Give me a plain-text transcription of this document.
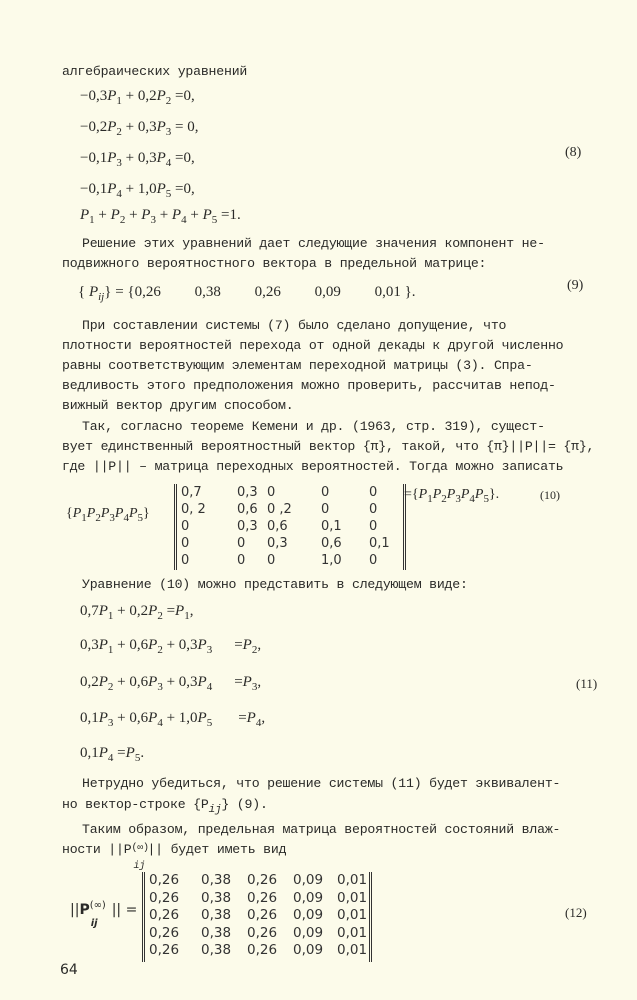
алгебраических уравнений
$-0,3P_1 + 0,2P_2 =0$,
$-0,2P_2 + 0,3P_3 = 0$,
$-0,1P_3 + 0,3P_4 =0$,
$-0,1P_4 + 1,0P_5 =0$,
$P_1 + P_2 + P_3 + P_4 + P_5 =1$.
(8)
Решение этих уравнений дает следующие значения компонент не-
подвижного вероятностного вектора в предельной матрице:
{ $P_{ij}\} = \{0,26$ 0,38 0,26 0,09 0,01 }.	(9)
При составлении системы (7) было сделано допущение, что
плотности вероятностей перехода от одной декады к другой численно
равны соответствующим элементам переходной матрицы (3). Спра-
ведливость этого предположения можно проверить, рассчитав непод-
вижный вектор другим способом.
Так, согласно теореме Кемени и др. (1963, стр. 319), сущест-
вует единственный вероятностный вектор {π}, такой, что {π}||P||= {π},
где ||P|| – матрица переходных вероятностей. Тогда можно записать
$\{P_1P_2P_3P_4P_5\}$
0,7	0,3	0	0	0
0, 2	0,6	0 ,2	0	0
0	0,3	0,6	0,1	0
0	0	0,3	0,6	0,1
0	0	0	1,0	0
$=\{P_1P_2P_3P_4P_5\}$.	(10)
Уравнение (10) можно представить в следующем виде:
$0,7P_1 + 0,2P_2 =P_1$,
$0,3P_1 + 0,6P_2 + 0,3P_3 =P_2$,
$0,2P_2 + 0,6P_3 + 0,3P_4 =P_3$,
$0,1P_3 + 0,6P_4 + 1,0P_5 =P_4$,
$0,1P_4 =P_5$.
(11)
Нетрудно убедиться, что решение системы (11) будет эквивалент-
но вектор-строке $\{P_{ij}\}$ (9).
Таким образом, предельная матрица вероятностей состояний влаж-
ности ||P (∞)
ij
|| будет иметь вид
||P (∞)
ij
|| =
0,26	0,38	0,26	0,09	0,01
0,26	0,38	0,26	0,09	0,01
0,26	0,38	0,26	0,09	0,01
0,26	0,38	0,26	0,09	0,01
0,26	0,38	0,26	0,09	0,01
(12)
64
